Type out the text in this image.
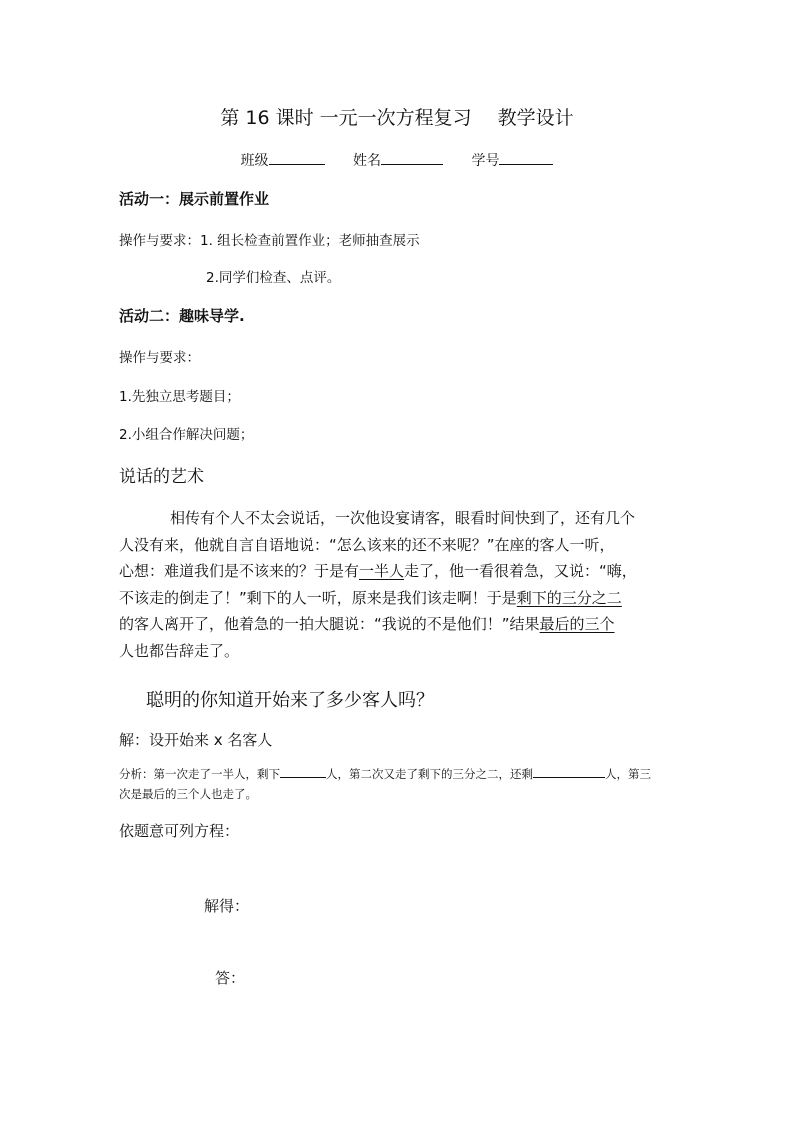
第 16 课时 一元一次方程复习 教学设计
班级	姓名	学号
活动一：展示前置作业
操作与要求：1. 组长检查前置作业；老师抽查展示
2.同学们检查、点评。
活动二：趣味导学.
操作与要求：
1.先独立思考题目；
2.小组合作解决问题；
说话的艺术
相传有个人不太会说话，一次他设宴请客，眼看时间快到了，还有几个
人没有来，他就自言自语地说：“怎么该来的还不来呢？”在座的客人一听，
心想：难道我们是不该来的？于是有一半人走了，他一看很着急，又说：“嗨，
不该走的倒走了！”剩下的人一听，原来是我们该走啊！于是剩下的三分之二
的客人离开了，他着急的一拍大腿说：“我说的不是他们！”结果最后的三个
人也都告辞走了。
聪明的你知道开始来了多少客人吗？
解：设开始来 x 名客人
分析：第一次走了一半人，剩下	人，第二次又走了剩下的三分之二，还剩	人，第三
次是最后的三个人也走了。
依题意可列方程：
解得：
答：
